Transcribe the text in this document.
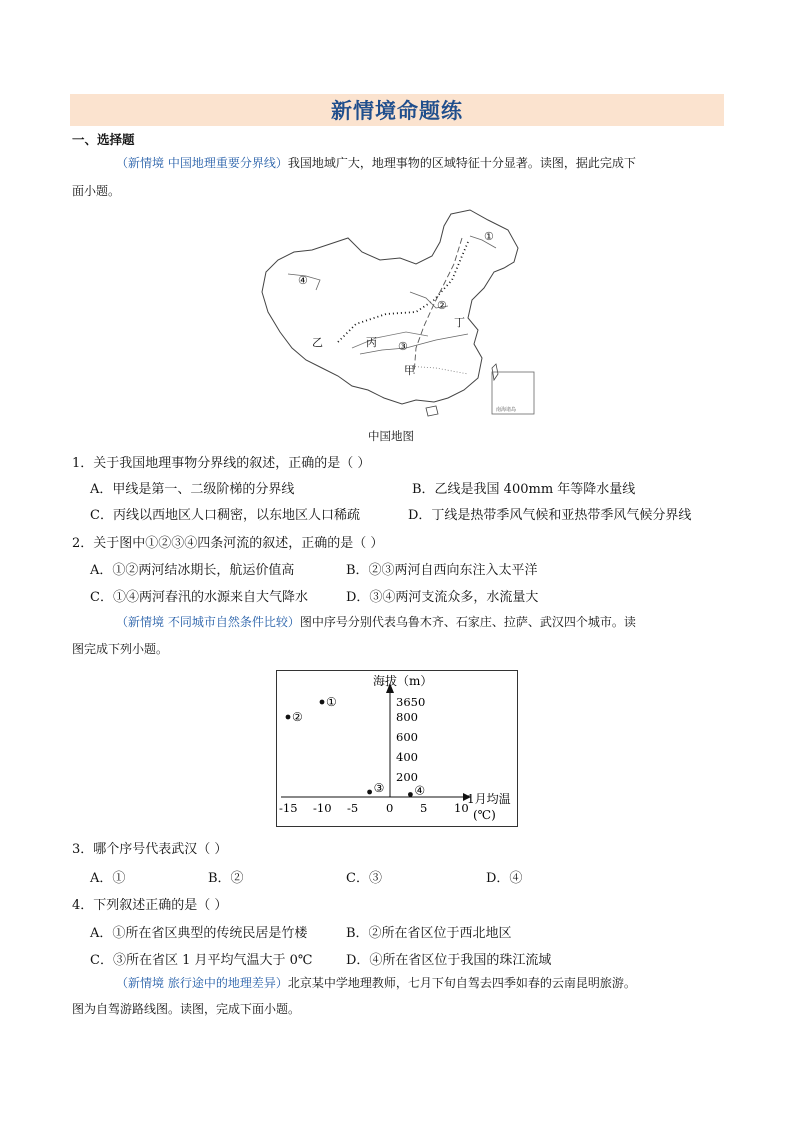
新情境命题练
一、选择题
（新情境 中国地理重要分界线）我国地域广大，地理事物的区域特征十分显著。读图，据此完成下
面小题。
南海诸岛
①
②
③
④
甲
乙	丙
丁
中国地图
1．关于我国地理事物分界线的叙述，正确的是（ ）
A．甲线是第一、二级阶梯的分界线	B．乙线是我国 400mm 年等降水量线
C．丙线以西地区人口稠密，以东地区人口稀疏	D．丁线是热带季风气候和亚热带季风气候分界线
2．关于图中①②③④四条河流的叙述，正确的是（ ）
A．①②两河结冰期长，航运价值高	B．②③两河自西向东注入太平洋
C．①④两河春汛的水源来自大气降水	D．③④两河支流众多，水流量大
（新情境 不同城市自然条件比较）图中序号分别代表乌鲁木齐、石家庄、拉萨、武汉四个城市。读
图完成下列小题。
海拔（m）
1月均温
(℃)
-15 -10 -5 0 5 10
200
400
600
800
3650
①
②
③	④
3．哪个序号代表武汉（ ）
A．①	B．②	C．③	D．④
4．下列叙述正确的是（ ）
A．①所在省区典型的传统民居是竹楼	B．②所在省区位于西北地区
C．③所在省区 1 月平均气温大于 0℃	D．④所在省区位于我国的珠江流域
（新情境 旅行途中的地理差异）北京某中学地理教师，七月下旬自驾去四季如春的云南昆明旅游。
图为自驾游路线图。读图，完成下面小题。
